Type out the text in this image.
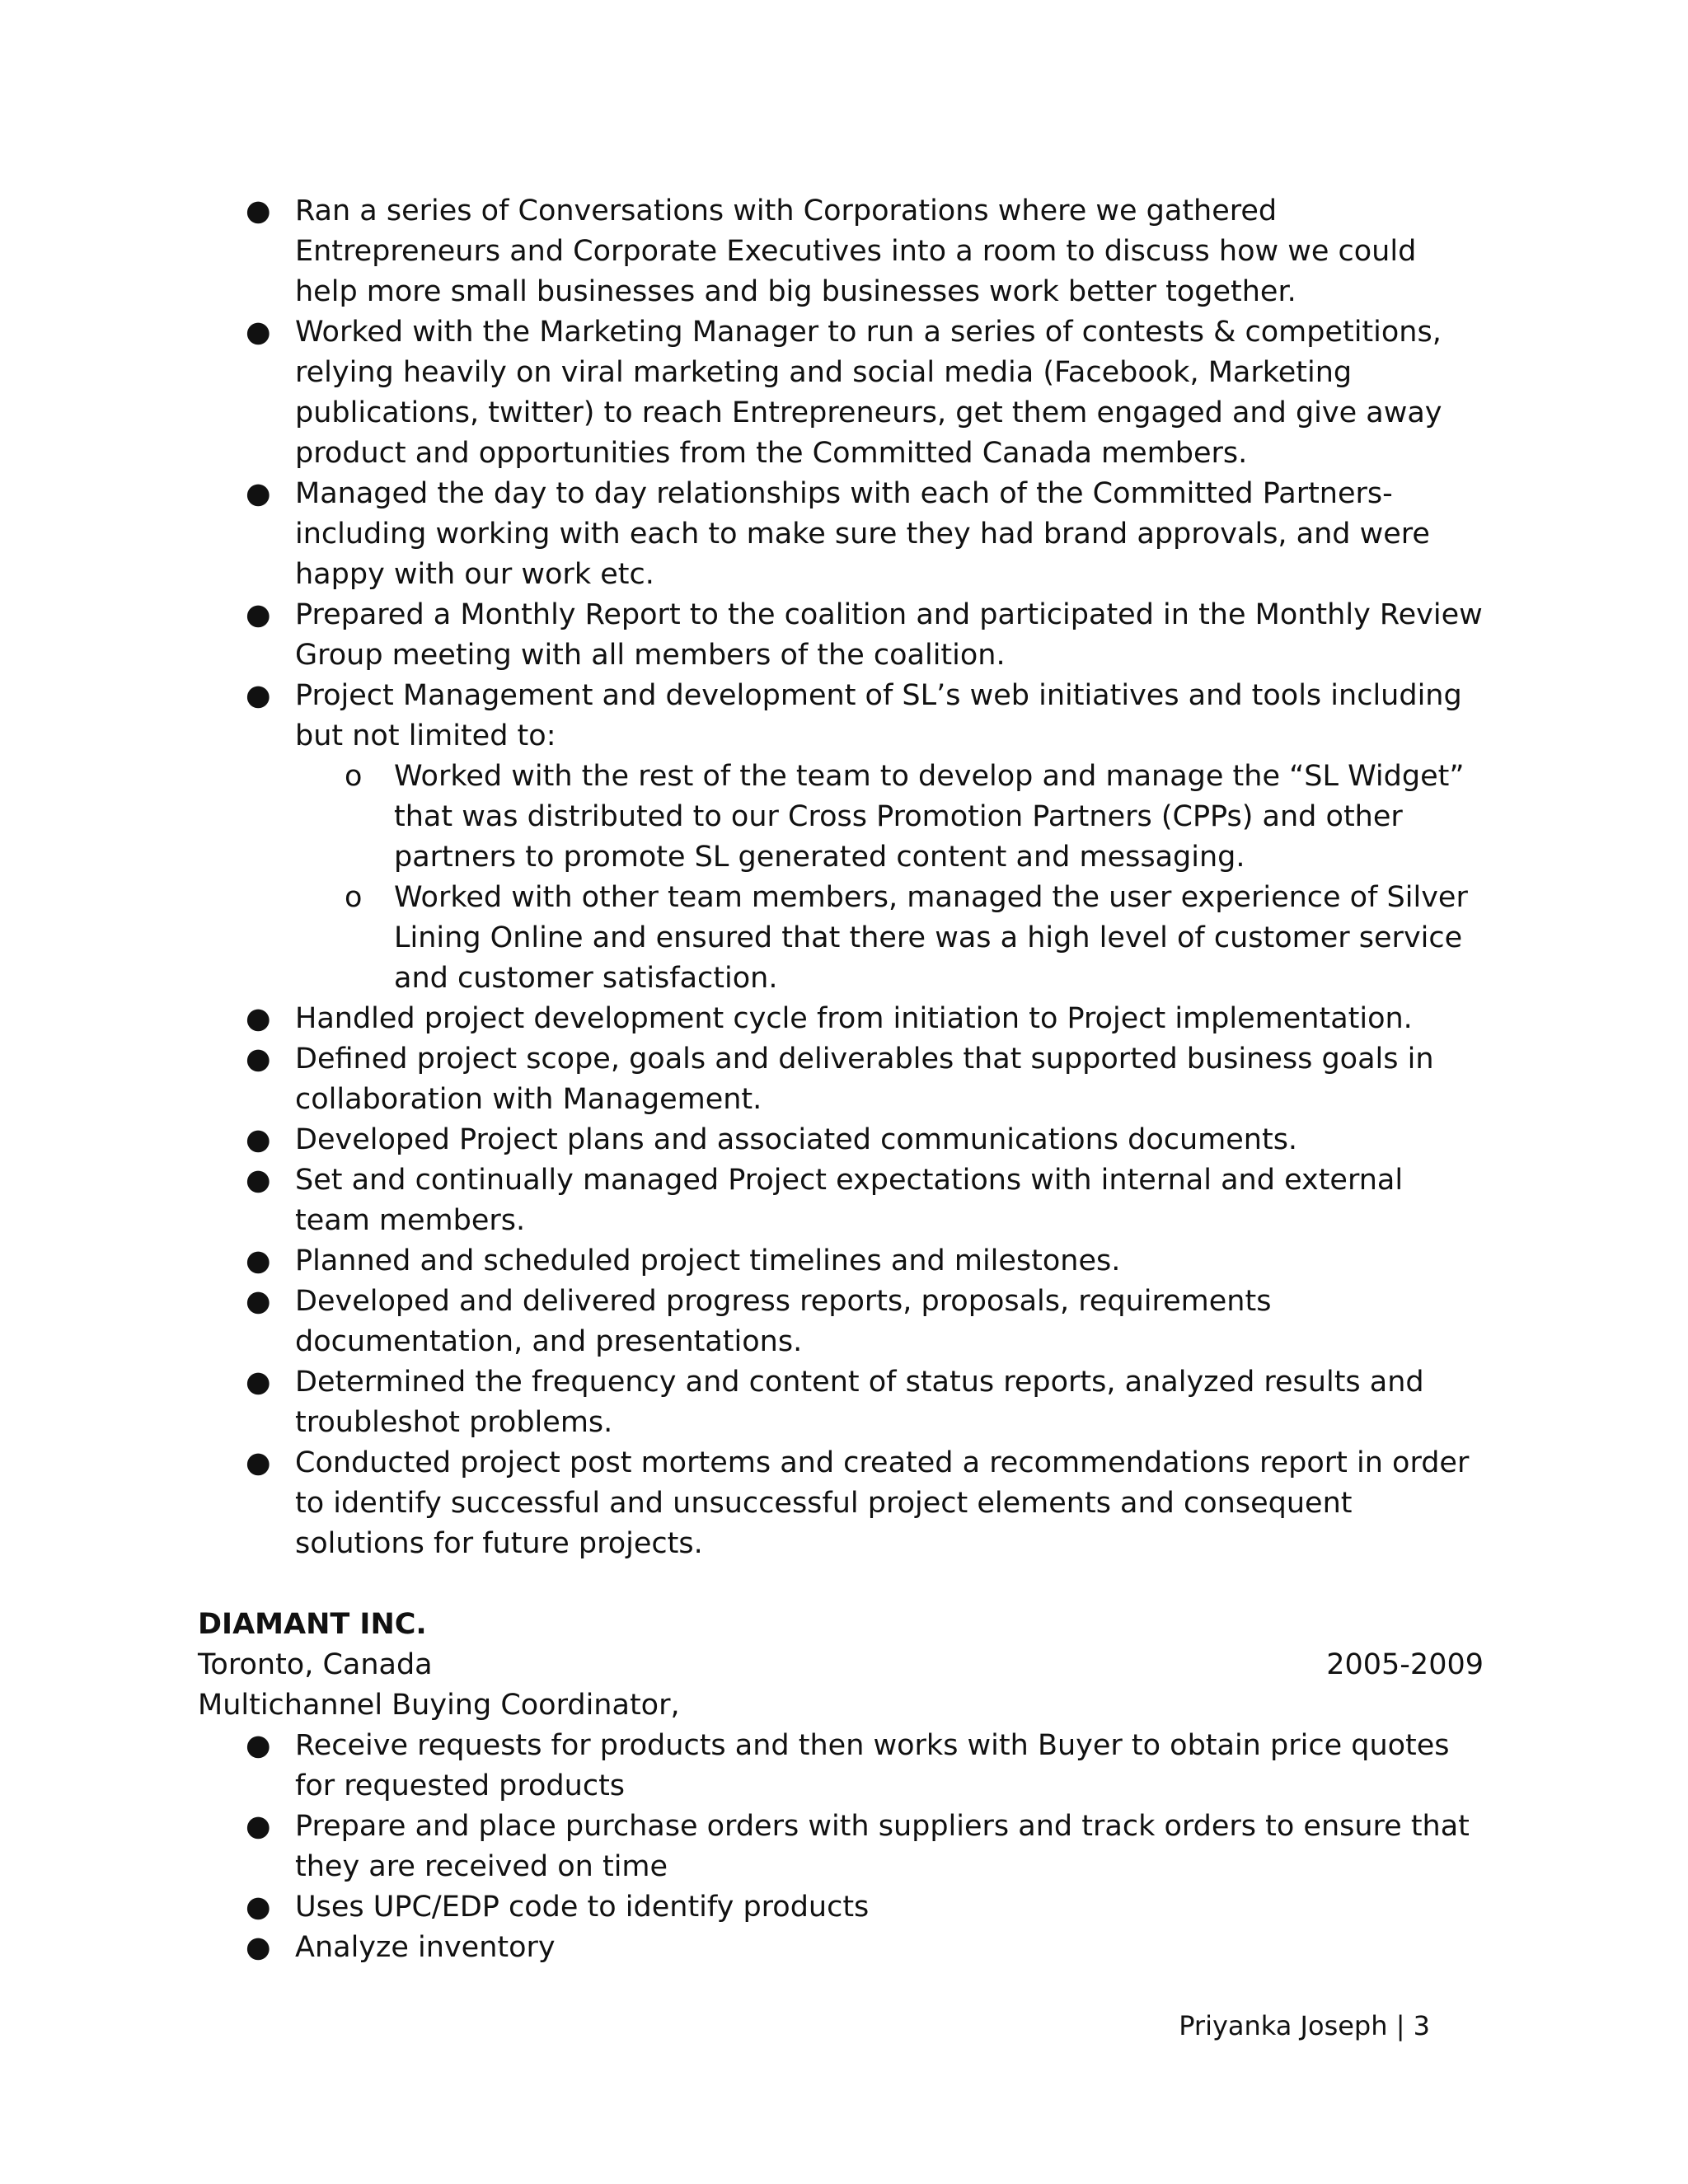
● Ran a series of Conversations with Corporations where we gathered Entrepreneurs and Corporate Executives into a room to discuss how we could help more small businesses and big businesses work better together.
● Worked with the Marketing Manager to run a series of contests & competitions, relying heavily on viral marketing and social media (Facebook, Marketing publications, twitter) to reach Entrepreneurs, get them engaged and give away product and opportunities from the Committed Canada members.
● Managed the day to day relationships with each of the Committed Partners- including working with each to make sure they had brand approvals, and were happy with our work etc.
● Prepared a Monthly Report to the coalition and participated in the Monthly Review Group meeting with all members of the coalition.
● Project Management and development of SL’s web initiatives and tools including but not limited to:
o Worked with the rest of the team to develop and manage the “SL Widget” that was distributed to our Cross Promotion Partners (CPPs) and other partners to promote SL generated content and messaging.
o Worked with other team members, managed the user experience of Silver Lining Online and ensured that there was a high level of customer service and customer satisfaction.
● Handled project development cycle from initiation to Project implementation.
● Defined project scope, goals and deliverables that supported business goals in collaboration with Management.
● Developed Project plans and associated communications documents.
● Set and continually managed Project expectations with internal and external team members.
● Planned and scheduled project timelines and milestones.
● Developed and delivered progress reports, proposals, requirements documentation, and presentations.
● Determined the frequency and content of status reports, analyzed results and troubleshot problems.
● Conducted project post mortems and created a recommendations report in order to identify successful and unsuccessful project elements and consequent solutions for future projects.
DIAMANT INC.
Toronto, Canada	2005-2009
Multichannel Buying Coordinator,
● Receive requests for products and then works with Buyer to obtain price quotes for requested products
● Prepare and place purchase orders with suppliers and track orders to ensure that they are received on time
● Uses UPC/EDP code to identify products
● Analyze inventory
Priyanka Joseph | 3
